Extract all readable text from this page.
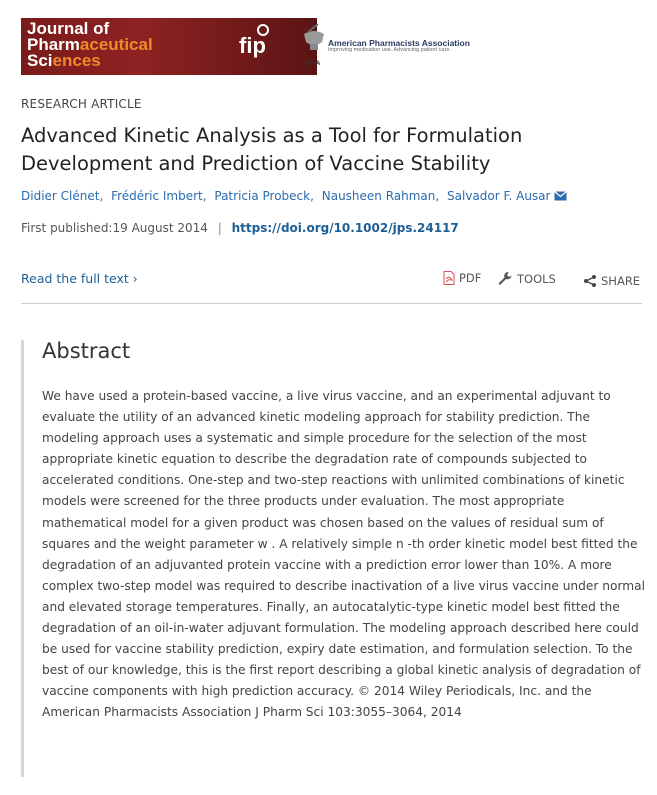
Journal of
Pharmaceutical
Sciences
fip	American Pharmacists Association
Improving medication use. Advancing patient care.
APhA
RESEARCH ARTICLE
Advanced Kinetic Analysis as a Tool for Formulation Development and Prediction of Vaccine Stability
Didier Clénet, Frédéric Imbert, Patricia Probeck, Nausheen Rahman, Salvador F. Ausar
First published:19 August 2014 | https://doi.org/10.1002/jps.24117
Read the full text ›	PDF	TOOLS	SHARE
Abstract

We have used a protein-based vaccine, a live virus vaccine, and an experimental adjuvant to evaluate the utility of an advanced kinetic modeling approach for stability prediction. The modeling approach uses a systematic and simple procedure for the selection of the most appropriate kinetic equation to describe the degradation rate of compounds subjected to accelerated conditions. One-step and two-step reactions with unlimited combinations of kinetic models were screened for the three products under evaluation. The most appropriate mathematical model for a given product was chosen based on the values of residual sum of squares and the weight parameter w . A relatively simple n -th order kinetic model best fitted the degradation of an adjuvanted protein vaccine with a prediction error lower than 10%. A more complex two-step model was required to describe inactivation of a live virus vaccine under normal and elevated storage temperatures. Finally, an autocatalytic-type kinetic model best fitted the degradation of an oil-in-water adjuvant formulation. The modeling approach described here could be used for vaccine stability prediction, expiry date estimation, and formulation selection. To the best of our knowledge, this is the first report describing a global kinetic analysis of degradation of vaccine components with high prediction accuracy. © 2014 Wiley Periodicals, Inc. and the American Pharmacists Association J Pharm Sci 103:3055–3064, 2014
